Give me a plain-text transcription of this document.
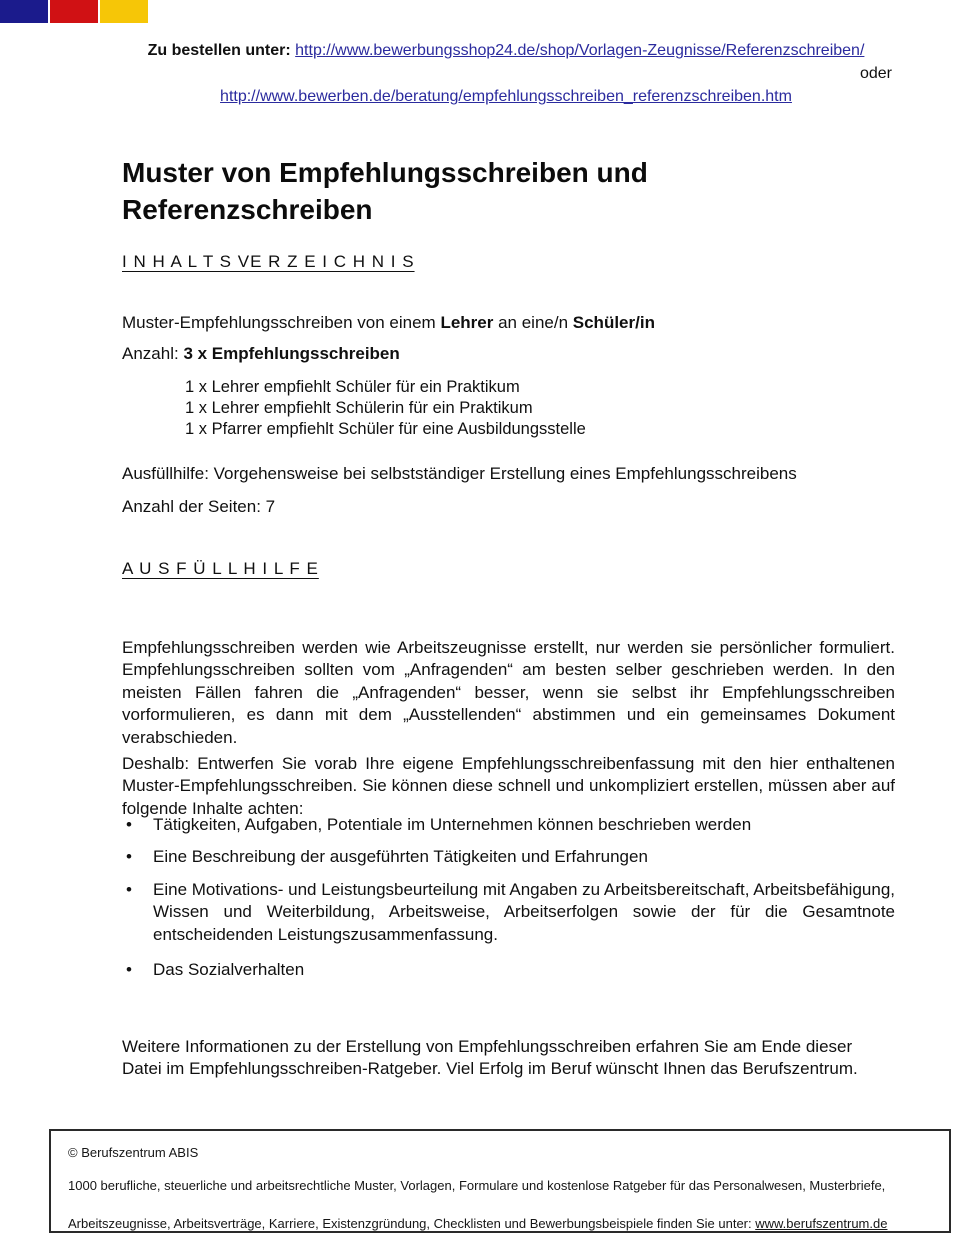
Zu bestellen unter: http://www.bewerbungsshop24.de/shop/Vorlagen-Zeugnisse/Referenzschreiben/
oder
http://www.bewerben.de/beratung/empfehlungsschreiben_referenzschreiben.htm
Muster von Empfehlungsschreiben und Referenzschreiben
I N H A L T S VE R Z E I C H N I S
Muster-Empfehlungsschreiben von einem Lehrer an eine/n Schüler/in
Anzahl: 3 x Empfehlungsschreiben
1 x Lehrer empfiehlt Schüler für ein Praktikum
1 x Lehrer empfiehlt Schülerin für ein Praktikum
1 x Pfarrer empfiehlt Schüler für eine Ausbildungsstelle
Ausfüllhilfe: Vorgehensweise bei selbstständiger Erstellung eines Empfehlungsschreibens
Anzahl der Seiten: 7
A U S F Ü L L H I L F E

Empfehlungsschreiben werden wie Arbeitszeugnisse erstellt, nur werden sie persönlicher formuliert. Empfehlungsschreiben sollten vom „Anfragenden“ am besten selber geschrieben werden. In den meisten Fällen fahren die „Anfragenden“ besser, wenn sie selbst ihr Empfehlungsschreiben vorformulieren, es dann mit dem „Ausstellenden“ abstimmen und ein gemeinsames Dokument verabschieden.

Deshalb: Entwerfen Sie vorab Ihre eigene Empfehlungsschreibenfassung mit den hier enthaltenen Muster-Empfehlungsschreiben. Sie können diese schnell und unkompliziert erstellen, müssen aber auf folgende Inhalte achten:

• Tätigkeiten, Aufgaben, Potentiale im Unternehmen können beschrieben werden
• Eine Beschreibung der ausgeführten Tätigkeiten und Erfahrungen
• Eine Motivations- und Leistungsbeurteilung mit Angaben zu Arbeitsbereitschaft, Arbeitsbefähigung, Wissen und Weiterbildung, Arbeitsweise, Arbeitserfolgen sowie der für die Gesamtnote entscheidenden Leistungszusammenfassung.
• Das Sozialverhalten

Weitere Informationen zu der Erstellung von Empfehlungsschreiben erfahren Sie am Ende dieser Datei im Empfehlungsschreiben-Ratgeber. Viel Erfolg im Beruf wünscht Ihnen das Berufszentrum.

© Berufszentrum ABIS

1000 berufliche, steuerliche und arbeitsrechtliche Muster, Vorlagen, Formulare und kostenlose Ratgeber für das Personalwesen, Musterbriefe,
Arbeitszeugnisse, Arbeitsverträge, Karriere, Existenzgründung, Checklisten und Bewerbungsbeispiele finden Sie unter: www.berufszentrum.de
